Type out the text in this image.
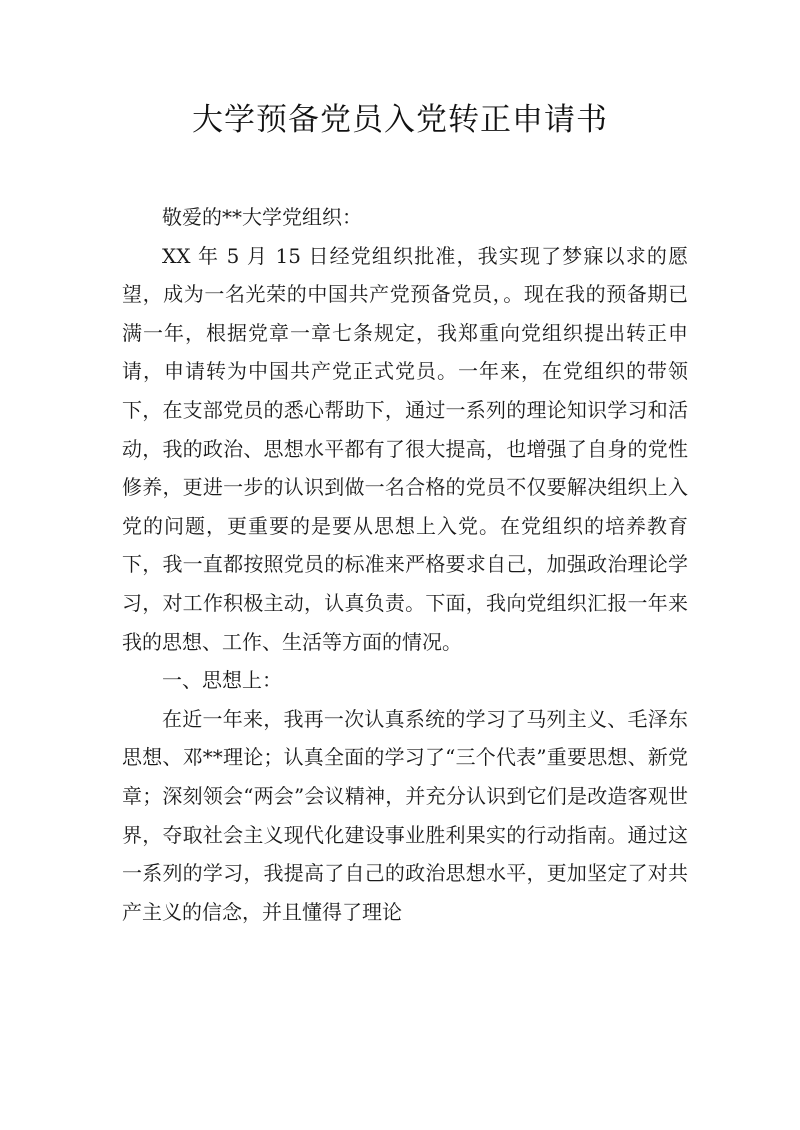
大学预备党员入党转正申请书

敬爱的**大学党组织：

XX 年 5 月 15 日经党组织批准，我实现了梦寐以求的愿望，成为一名光荣的中国共产党预备党员，。现在我的预备期已满一年，根据党章一章七条规定，我郑重向党组织提出转正申请，申请转为中国共产党正式党员。一年来，在党组织的带领下，在支部党员的悉心帮助下，通过一系列的理论知识学习和活动，我的政治、思想水平都有了很大提高，也增强了自身的党性修养，更进一步的认识到做一名合格的党员不仅要解决组织上入党的问题，更重要的是要从思想上入党。在党组织的培养教育下，我一直都按照党员的标准来严格要求自己，加强政治理论学习，对工作积极主动，认真负责。下面，我向党组织汇报一年来我的思想、工作、生活等方面的情况。

一、思想上：

在近一年来，我再一次认真系统的学习了马列主义、毛泽东思想、邓**理论；认真全面的学习了“三个代表”重要思想、新党章；深刻领会“两会”会议精神，并充分认识到它们是改造客观世界，夺取社会主义现代化建设事业胜利果实的行动指南。通过这一系列的学习，我提高了自己的政治思想水平，更加坚定了对共产主义的信念，并且懂得了理论
